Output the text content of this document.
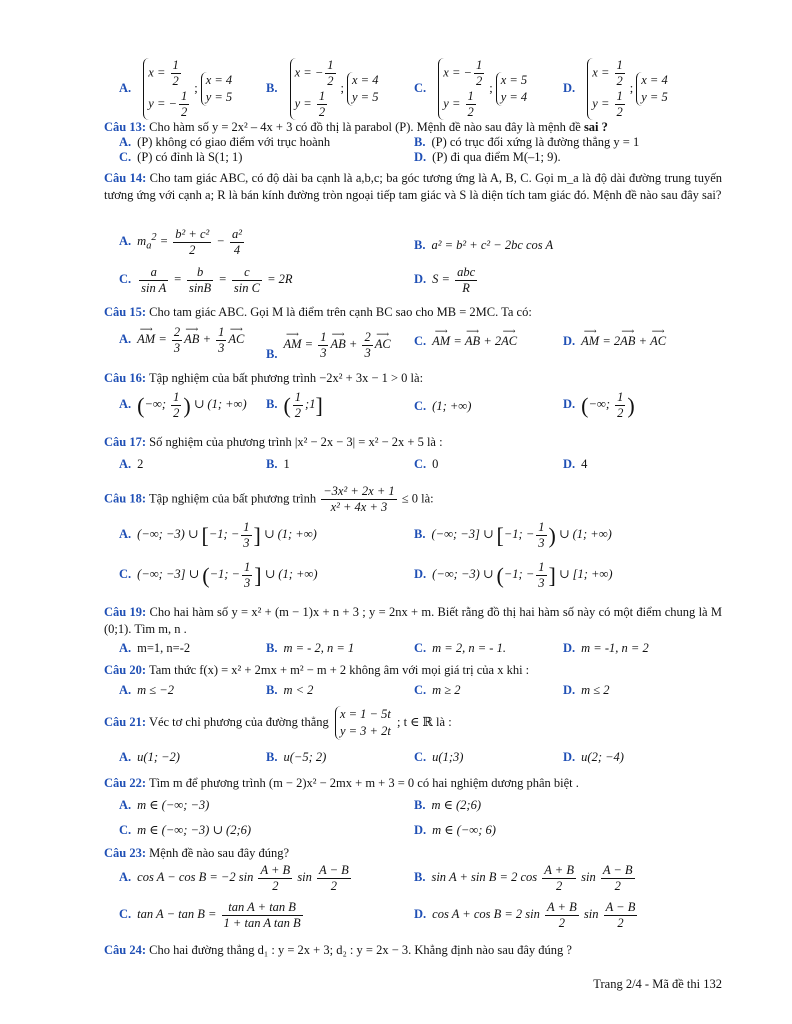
A.
$x = \frac{1}{2}$
y = − $\frac{1}{2}$
;
x = 4
y = 5
B.
x = − $\frac{1}{2}$
$y = \frac{1}{2}$
;
x = 4
y = 5
C.
x = − $\frac{1}{2}$
$y = \frac{1}{2}$
;
x = 5
y = 4
D.
$x = \frac{1}{2}$
$y = \frac{1}{2}$
;
x = 4
y = 5
Câu 13: Cho hàm số y = 2x² – 4x + 3 có đồ thị là parabol (P). Mệnh đề nào sau đây là mệnh đề sai ?
A. (P) không có giao điểm với trục hoành	B. (P) có trục đối xứng là đường thẳng y = 1
C. (P) có đỉnh là S(1; 1)	D. (P) đi qua điểm M(–1; 9).
Câu 14: Cho tam giác ABC, có độ dài ba cạnh là a,b,c; ba góc tương ứng là A, B, C. Gọi m_a là độ dài đường trung tuyến tương ứng với cạnh a; R là bán kính đường tròn ngoại tiếp tam giác và S là diện tích tam giác đó. Mệnh đề nào sau đây sai?
A. $m_a^2 = \frac{\text{b² + c²}}{2} - \frac{\text{a²}}{4}$	B. a² = b² + c² − 2bc cos A
C. $\frac{a}{\text{sin A}} = \frac{b}{\sin B} = \frac{c}{\text{sin C}} = 2R$	D. $S = \frac{\text{abc}}{R}$
Câu 15: Cho tam giác ABC. Gọi M là điểm trên cạnh BC sao cho MB = 2MC. Ta có:
A. ⟶ AM = $\frac{2}{3}$ ⟶ AB + $\frac{1}{3}$ ⟶ AC
B.⟶ AM = $\frac{1}{3}$ ⟶ AB + $\frac{2}{3}$ ⟶ AC C. ⟶ AM = ⟶ AB + 2⟶ AC	D. ⟶ AM = 2⟶ AB + ⟶ AC
Câu 16: Tập nghiệm của bất phương trình −2x² + 3x − 1 > 0 là:
A. (−∞; $\frac{1}{2}$ ) ∪ (1; +∞) B. ( $\frac{1}{2}$ ;1]	C. (1; +∞)	D. (−∞; $\frac{1}{2}$ )
Câu 17: Số nghiệm của phương trình |x² − 2x − 3| = x² − 2x + 5 là :
A. 2	B. 1	C. 0	D. 4
Câu 18: Tập nghiệm của bất phương trình $\frac{\text{−3x² + 2x + 1}}{\text{x² + 4x + 3}} \le 0$ là:
A. (−∞; −3) ∪ [−1; − $\frac{1}{3}$ ] ∪ (1; +∞)	B. (−∞; −3] ∪ [−1; − $\frac{1}{3}$ ) ∪ (1; +∞)
C. (−∞; −3] ∪ (−1; − $\frac{1}{3}$ ] ∪ (1; +∞)	D. (−∞; −3) ∪ (−1; − $\frac{1}{3}$ ] ∪ [1; +∞)
Câu 19: Cho hai hàm số y = x² + (m − 1)x + n + 3 ; y = 2nx + m. Biết rằng đồ thị hai hàm số này có một điểm chung là M (0;1). Tìm m, n .
A. m=1, n=-2	B. m = - 2, n = 1	C. m = 2, n = - 1.	D. m = -1, n = 2
Câu 20: Tam thức f(x) = x² + 2mx + m² − m + 2 không âm với mọi giá trị của x khi :
A. m ≤ −2	B. m < 2	C. m ≥ 2	D. m ≤ 2
Câu 21: Véc tơ chỉ phương của đường thẳng
x = 1 − 5t
y = 3 + 2t
; t ∈ ℝ là :
A. u(1; −2)	B. u(−5; 2)	C. u(1;3)	D. u(2; −4)
Câu 22: Tìm m để phương trình (m − 2)x² − 2mx + m + 3 = 0 có hai nghiệm dương phân biệt .
A. m ∈ (−∞; −3)	B. m ∈ (2;6)
C. m ∈ (−∞; −3) ∪ (2;6)	D. m ∈ (−∞; 6)
Câu 23: Mệnh đề nào sau đây đúng?
A. cos A − cos B = −2 $\sin \frac{A + B}{2}$ $\sin \frac{A - B}{2}$	B. sin A + sin B = 2 $\cos \frac{A + B}{2}$ $\sin \frac{A - B}{2}$
C. $\tan A - \tan B = \frac{\text{tan A + tan B}}{\text{1 + tan A tan B}}$	D. cos A + cos B = 2 $\sin \frac{A + B}{2}$ $\sin \frac{A - B}{2}$
Câu 24: Cho hai đường thẳng d₁ : y = 2x + 3; d₂ : y = 2x − 3. Khẳng định nào sau đây đúng ?
Trang 2/4 - Mã đề thi 132
